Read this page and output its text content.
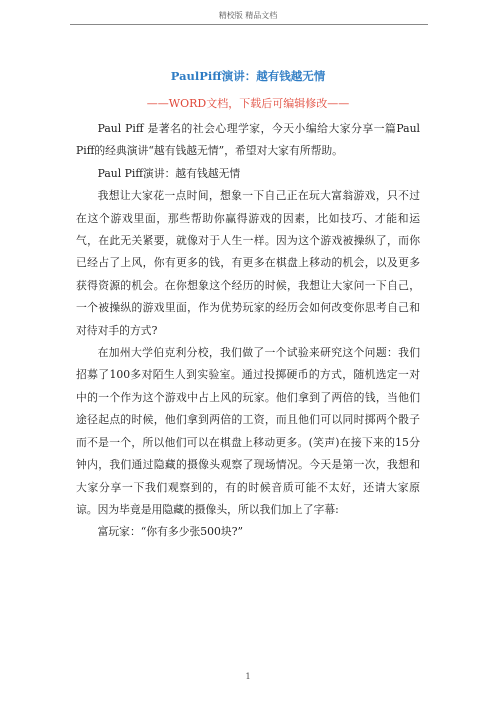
精校版 精品文档
PaulPiff演讲：越有钱越无情
——WORD文档，下载后可编辑修改——

Paul Piff 是著名的社会心理学家，今天小编给大家分享一篇Paul Piff的经典演讲“越有钱越无情”，希望对大家有所帮助。

Paul Piff演讲：越有钱越无情

我想让大家花一点时间，想象一下自己正在玩大富翁游戏，只不过在这个游戏里面，那些帮助你赢得游戏的因素，比如技巧、才能和运气，在此无关紧要，就像对于人生一样。因为这个游戏被操纵了，而你已经占了上风，你有更多的钱，有更多在棋盘上移动的机会，以及更多获得资源的机会。在你想象这个经历的时候，我想让大家问一下自己，一个被操纵的游戏里面，作为优势玩家的经历会如何改变你思考自己和对待对手的方式?

在加州大学伯克利分校，我们做了一个试验来研究这个问题：我们招募了100多对陌生人到实验室。通过投掷硬币的方式，随机选定一对中的一个作为这个游戏中占上风的玩家。他们拿到了两倍的钱，当他们途径起点的时候，他们拿到两倍的工资，而且他们可以同时掷两个骰子而不是一个，所以他们可以在棋盘上移动更多。(笑声)在接下来的15分钟内，我们通过隐藏的摄像头观察了现场情况。今天是第一次，我想和大家分享一下我们观察到的，有的时候音质可能不太好，还请大家原谅。因为毕竟是用隐藏的摄像头，所以我们加上了字幕:

富玩家：“你有多少张500块?”

1
